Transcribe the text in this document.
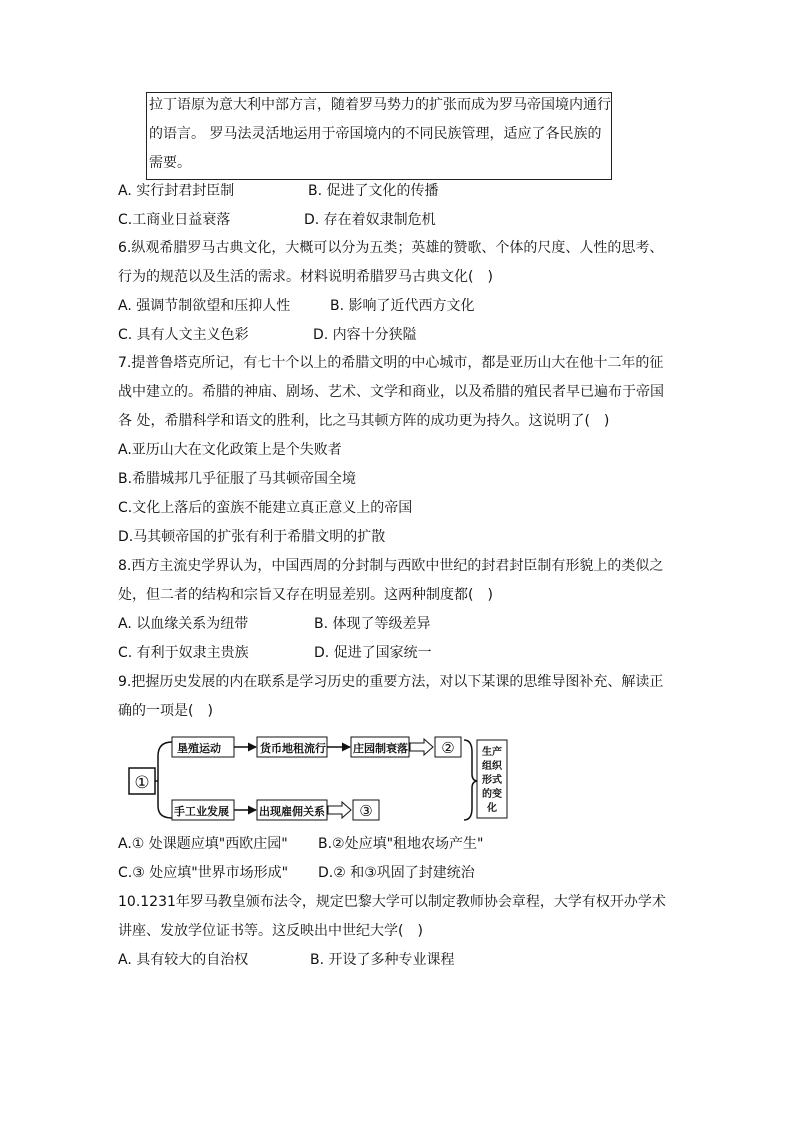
拉丁语原为意大利中部方言，随着罗马势力的扩张而成为罗马帝国境内通行
的语言。 罗马法灵活地运用于帝国境内的不同民族管理，适应了各民族的
需要。
A. 实行封君封臣制	B. 促进了文化的传播
C.工商业日益衰落	D. 存在着奴隶制危机
6.纵观希腊罗马古典文化，大概可以分为五类；英雄的赞歌、个体的尺度、人性的思考、
行为的规范以及生活的需求。材料说明希腊罗马古典文化(　)
A. 强调节制欲望和压抑人性	B. 影响了近代西方文化
C. 具有人文主义色彩	D. 内容十分狭隘
7.提普鲁塔克所记，有七十个以上的希腊文明的中心城市，都是亚历山大在他十二年的征
战中建立的。希腊的神庙、剧场、艺术、文学和商业，以及希腊的殖民者早已遍布于帝国
各 处，希腊科学和语文的胜利，比之马其顿方阵的成功更为持久。这说明了(　)
A.亚历山大在文化政策上是个失败者
B.希腊城邦几乎征服了马其顿帝国全境
C.文化上落后的蛮族不能建立真正意义上的帝国
D.马其顿帝国的扩张有利于希腊文明的扩散
8.西方主流史学界认为，中国西周的分封制与西欧中世纪的封君封臣制有形貌上的类似之
处，但二者的结构和宗旨又存在明显差别。这两种制度都(　)
A. 以血缘关系为纽带	B. 体现了等级差异
C. 有利于奴隶主贵族	D. 促进了国家统一
9.把握历史发展的内在联系是学习历史的重要方法，对以下某课的思维导图补充、解读正
确的一项是(　)
①
垦殖运动	货币地租流行 庄园制衰落 ②
手工业发展	出现雇佣关系 ③
生产
组织
形式
的变
化
A.① 处课题应填"西欧庄园" B.②处应填"租地农场产生"
C.③ 处应填"世界市场形成" D.② 和③巩固了封建统治
10.1231年罗马教皇颁布法令，规定巴黎大学可以制定教师协会章程，大学有权开办学术
讲座、发放学位证书等。这反映出中世纪大学(　)
A. 具有较大的自治权	B. 开设了多种专业课程
